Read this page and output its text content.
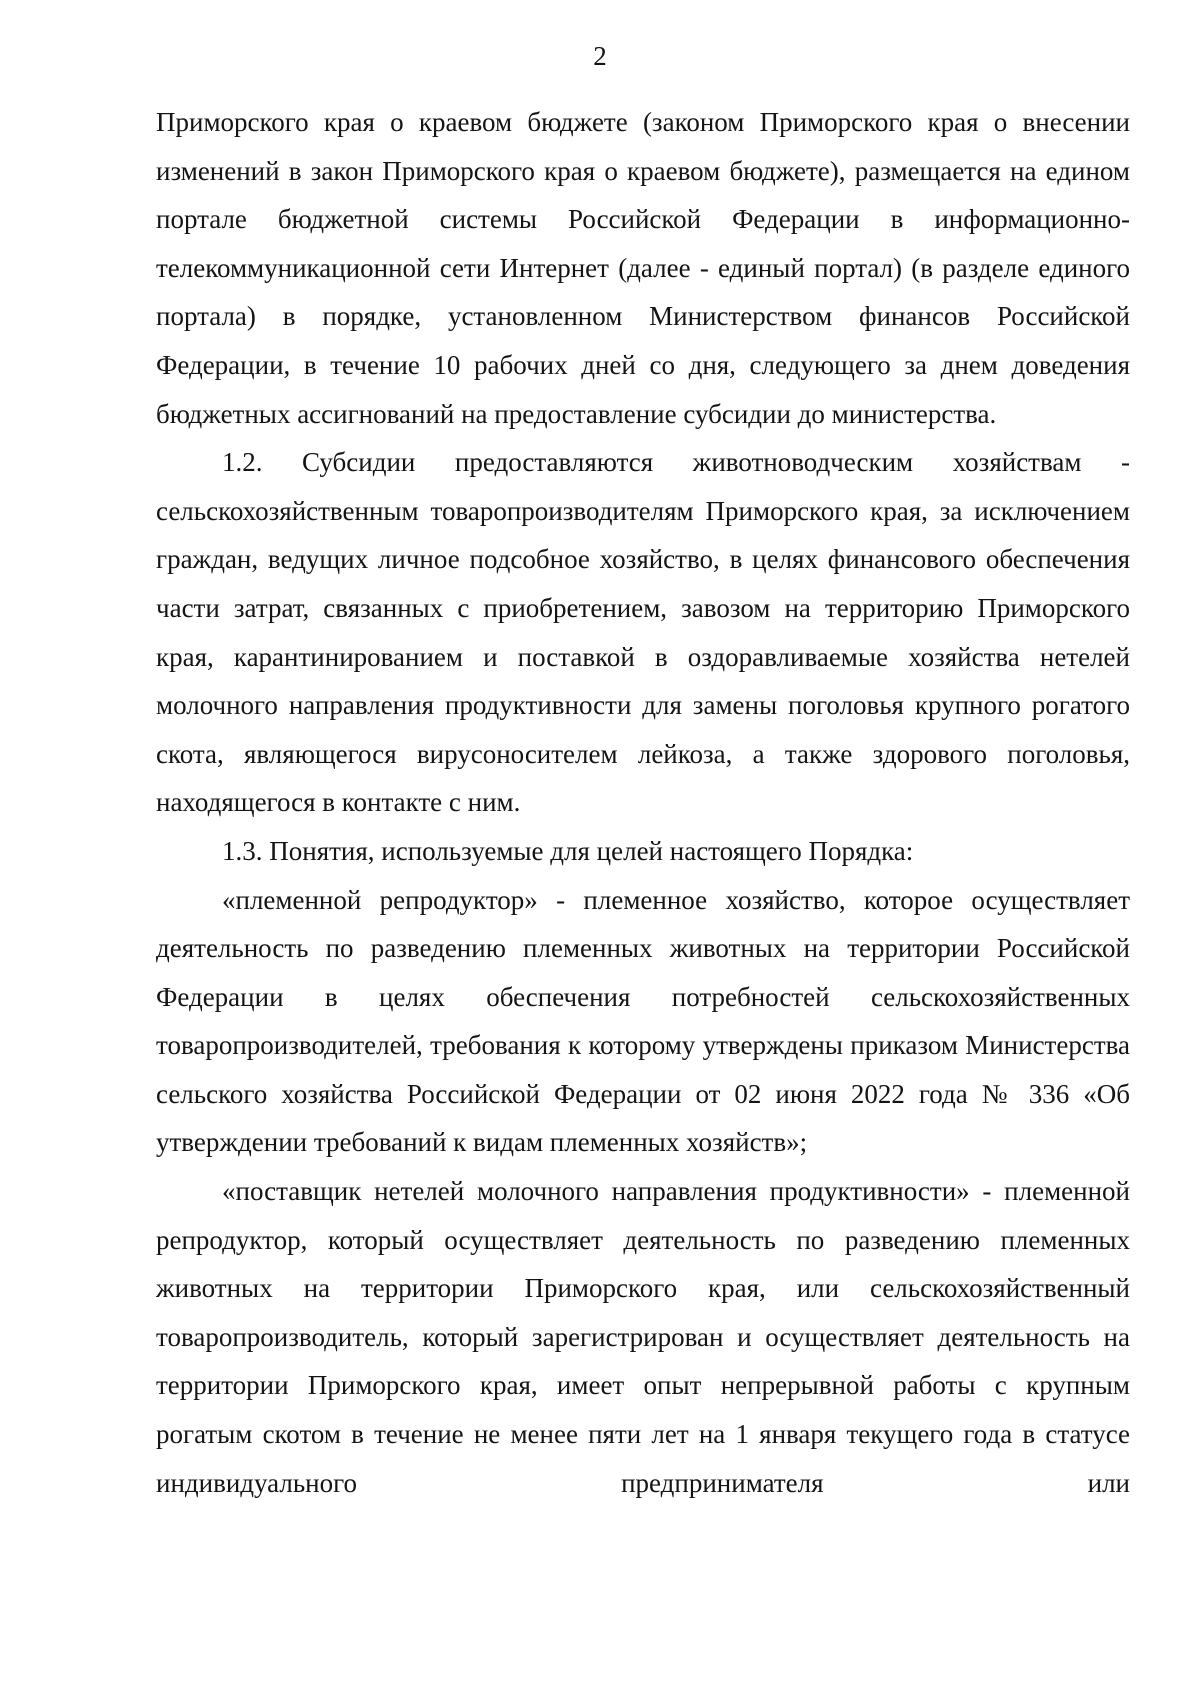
2

Приморского края о краевом бюджете (законом Приморского края о внесении изменений в закон Приморского края о краевом бюджете), размещается на едином портале бюджетной системы Российской Федерации в информационно-телекоммуникационной сети Интернет (далее - единый портал) (в разделе единого портала) в порядке, установленном Министерством финансов Российской Федерации, в течение 10 рабочих дней со дня, следующего за днем доведения бюджетных ассигнований на предоставление субсидии до министерства.

1.2. Субсидии предоставляются животноводческим хозяйствам - сельскохозяйственным товаропроизводителям Приморского края, за исключением граждан, ведущих личное подсобное хозяйство, в целях финансового обеспечения части затрат, связанных с приобретением, завозом на территорию Приморского края, карантинированием и поставкой в оздоравливаемые хозяйства нетелей молочного направления продуктивности для замены поголовья крупного рогатого скота, являющегося вирусоносителем лейкоза, а также здорового поголовья, находящегося в контакте с ним.

1.3. Понятия, используемые для целей настоящего Порядка:

«племенной репродуктор» - племенное хозяйство, которое осуществляет деятельность по разведению племенных животных на территории Российской Федерации в целях обеспечения потребностей сельскохозяйственных товаропроизводителей, требования к которому утверждены приказом Министерства сельского хозяйства Российской Федерации от 02 июня 2022 года № 336 «Об утверждении требований к видам племенных хозяйств»;

«поставщик нетелей молочного направления продуктивности» - племенной репродуктор, который осуществляет деятельность по разведению племенных животных на территории Приморского края, или сельскохозяйственный товаропроизводитель, который зарегистрирован и осуществляет деятельность на территории Приморского края, имеет опыт непрерывной работы с крупным рогатым скотом в течение не менее пяти лет на 1 января текущего года в статусе индивидуального предпринимателя или
